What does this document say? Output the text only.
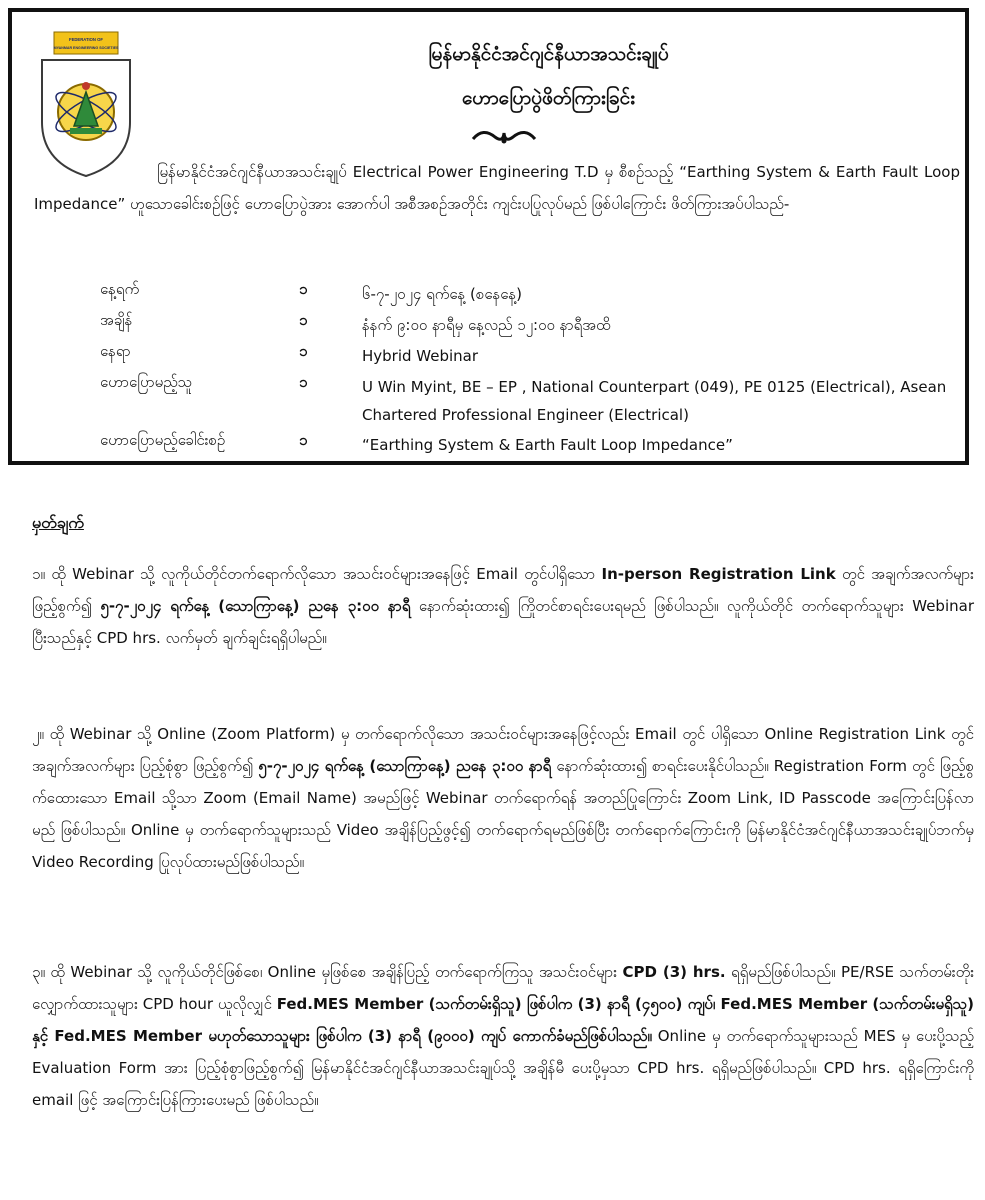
FEDERATION OF
MYANMAR ENGINEERING SOCIETIES	မြန်မာနိုင်ငံအင်ဂျင်နီယာအသင်းချုပ်
ဟောပြောပွဲဖိတ်ကြားခြင်း
မြန်မာနိုင်ငံအင်ဂျင်နီယာအသင်းချုပ် Electrical Power Engineering T.D မှ စီစဉ်သည့် “Earthing System & Earth Fault Loop Impedance” ဟူသောခေါင်းစဉ်ဖြင့် ဟောပြောပွဲအား အောက်ပါ အစီအစဉ်အတိုင်း ကျင်းပပြုလုပ်မည် ဖြစ်ပါကြောင်း ဖိတ်ကြားအပ်ပါသည်-
နေ့ရက်	၁	၆-၇-၂၀၂၄ ရက်နေ့ (စနေနေ့)
အချိန်	၁	နံနက် ၉:၀၀ နာရီမှ နေ့လည် ၁၂:၀၀ နာရီအထိ
နေရာ	၁	Hybrid Webinar
ဟောပြောမည့်သူ	၁	U Win Myint, BE – EP , National Counterpart (049), PE 0125 (Electrical), Asean Chartered Professional Engineer (Electrical)
ဟောပြောမည့်ခေါင်းစဉ်	၁	“Earthing System & Earth Fault Loop Impedance”
မှတ်ချက်
၁။ ထို Webinar သို့ လူကိုယ်တိုင်တက်ရောက်လိုသော အသင်းဝင်များအနေဖြင့် Email တွင်ပါရှိသော In-person Registration Link တွင် အချက်အလက်များ ဖြည့်စွက်၍ ၅-၇-၂၀၂၄ ရက်နေ့ (သောကြာနေ့) ညနေ ၃:၀၀ နာရီ နောက်ဆုံးထား၍ ကြိုတင်စာရင်းပေးရမည် ဖြစ်ပါသည်။ လူကိုယ်တိုင် တက်ရောက်သူများ Webinar ပြီးသည်နှင့် CPD hrs. လက်မှတ် ချက်ချင်းရရှိပါမည်။
၂။ ထို Webinar သို့ Online (Zoom Platform) မှ တက်ရောက်လိုသော အသင်းဝင်များအနေဖြင့်လည်း Email တွင် ပါရှိသော Online Registration Link တွင် အချက်အလက်များ ပြည့်စုံစွာ ဖြည့်စွက်၍ ၅-၇-၂၀၂၄ ရက်နေ့ (သောကြာနေ့) ညနေ ၃:၀၀ နာရီ နောက်ဆုံးထား၍ စာရင်းပေးနိုင်ပါသည်။ Registration Form တွင် ဖြည့်စွက်ထေားသော Email သို့သာ Zoom (Email Name) အမည်ဖြင့် Webinar တက်ရောက်ရန် အတည်ပြုကြောင်း Zoom Link, ID Passcode အကြောင်းပြန်လာမည် ဖြစ်ပါသည်။ Online မှ တက်ရောက်သူများသည် Video အချိန်ပြည့်ဖွင့်၍ တက်ရောက်ရမည်ဖြစ်ပြီး တက်ရောက်ကြောင်းကို မြန်မာနိုင်ငံအင်ဂျင်နီယာအသင်းချုပ်ဘက်မှ Video Recording ပြုလုပ်ထားမည်ဖြစ်ပါသည်။
၃။ ထို Webinar သို့ လူကိုယ်တိုင်ဖြစ်စေ၊ Online မှဖြစ်စေ အချိန်ပြည့် တက်ရောက်ကြသူ အသင်းဝင်များ CPD (3) hrs. ရရှိမည်ဖြစ်ပါသည်။ PE/RSE သက်တမ်းတိုးလျှောက်ထားသူများ CPD hour ယူလိုလျှင် Fed.MES Member (သက်တမ်းရှိသူ) ဖြစ်ပါက (3) နာရီ (၄၅၀၀) ကျပ်၊ Fed.MES Member (သက်တမ်းမရှိသူ) နှင့် Fed.MES Member မဟုတ်သောသူများ ဖြစ်ပါက (3) နာရီ (၉၀၀၀) ကျပ် ကောက်ခံမည်ဖြစ်ပါသည်။ Online မှ တက်ရောက်သူများသည် MES မှ ပေးပို့သည့် Evaluation Form အား ပြည့်စုံစွာဖြည့်စွက်၍ မြန်မာနိုင်ငံအင်ဂျင်နီယာအသင်းချုပ်သို့ အချိန်မီ ပေးပို့မှသာ CPD hrs. ရရှိမည်ဖြစ်ပါသည်။ CPD hrs. ရရှိကြောင်းကို email ဖြင့် အကြောင်းပြန်ကြားပေးမည် ဖြစ်ပါသည်။
